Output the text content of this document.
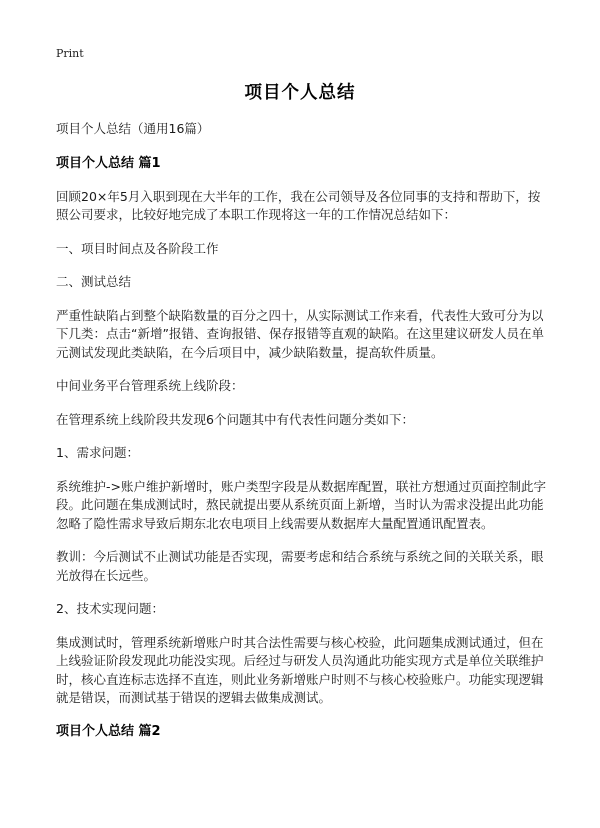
Print
项目个人总结
项目个人总结（通用16篇）
项目个人总结 篇1
回顾20×年5月入职到现在大半年的工作，我在公司领导及各位同事的支持和帮助下，按照公司要求，比较好地完成了本职工作现将这一年的工作情况总结如下：
一、项目时间点及各阶段工作
二、测试总结
严重性缺陷占到整个缺陷数量的百分之四十，从实际测试工作来看，代表性大致可分为以下几类：点击“新增”报错、查询报错、保存报错等直观的缺陷。在这里建议研发人员在单元测试发现此类缺陷，在今后项目中，减少缺陷数量，提高软件质量。
中间业务平台管理系统上线阶段：
在管理系统上线阶段共发现6个问题其中有代表性问题分类如下：
1、需求问题：
系统维护->账户维护新增时，账户类型字段是从数据库配置，联社方想通过页面控制此字段。此问题在集成测试时，熬民就提出要从系统页面上新增，当时认为需求没提出此功能忽略了隐性需求导致后期东北农电项目上线需要从数据库大量配置通讯配置表。
教训：今后测试不止测试功能是否实现，需要考虑和结合系统与系统之间的关联关系，眼光放得在长远些。
2、技术实现问题：
集成测试时，管理系统新增账户时其合法性需要与核心校验，此问题集成测试通过，但在上线验证阶段发现此功能没实现。后经过与研发人员沟通此功能实现方式是单位关联维护时，核心直连标志选择不直连，则此业务新增账户时则不与核心校验账户。功能实现逻辑就是错误，而测试基于错误的逻辑去做集成测试。
项目个人总结 篇2
